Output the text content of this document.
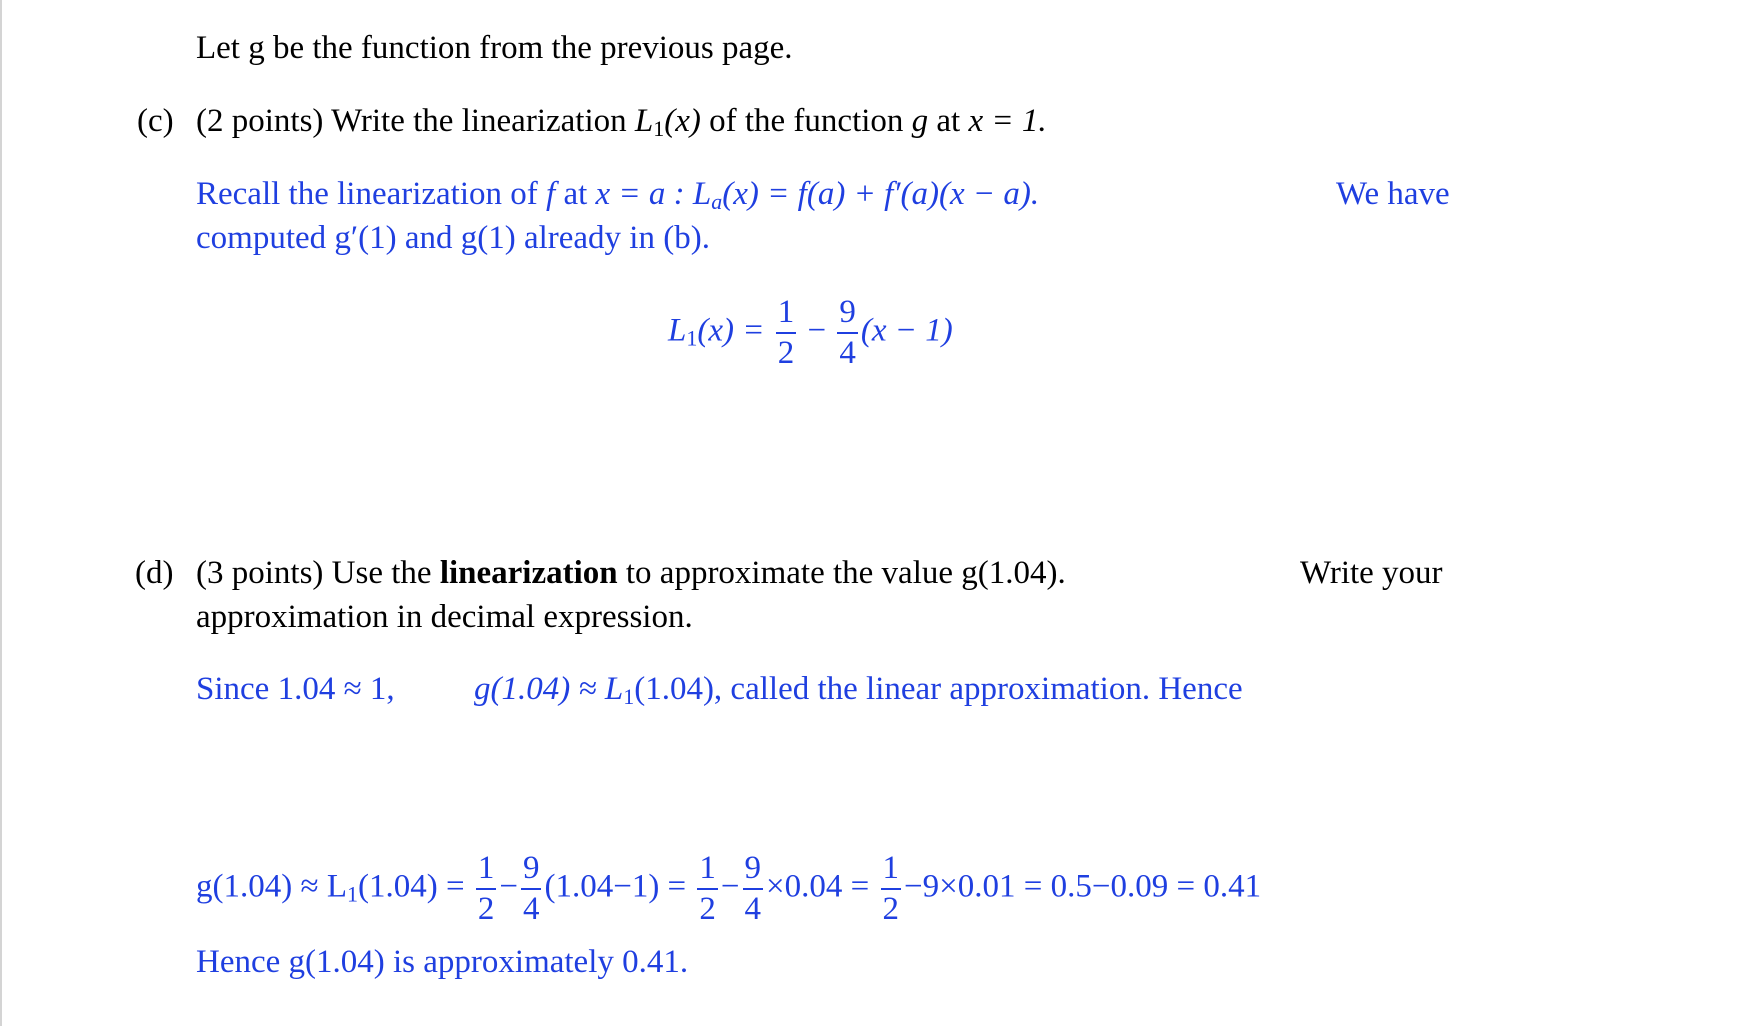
Let g be the function from the previous page.
(c) (2 points) Write the linearization $L_1(x)$ of the function g at x = 1.
Recall the linearization of f at x = a : $L_a(x) = f(a) + f'(a)(x - a)$.	We have
computed g′(1) and g(1) already in (b).
$L_1(x) = \frac{1}{2} - \frac{9}{4} (x - 1)$
(d) (3 points) Use the linearization to approximate the value g(1.04).	Write your
approximation in decimal expression.
Since 1.04 ≈ 1, $g(1.04) \approx L_1(1.04)$, called the linear approximation. Hence
$g(1.04) \approx L_1(1.04) = \frac{1}{2} - \frac{9}{4} (1.04-1) = \frac{1}{2} - \frac{9}{4} \times 0.04 = \frac{1}{2} -9\times 0.01 = 0.5-0.09 = 0.41$
Hence g(1.04) is approximately 0.41.
